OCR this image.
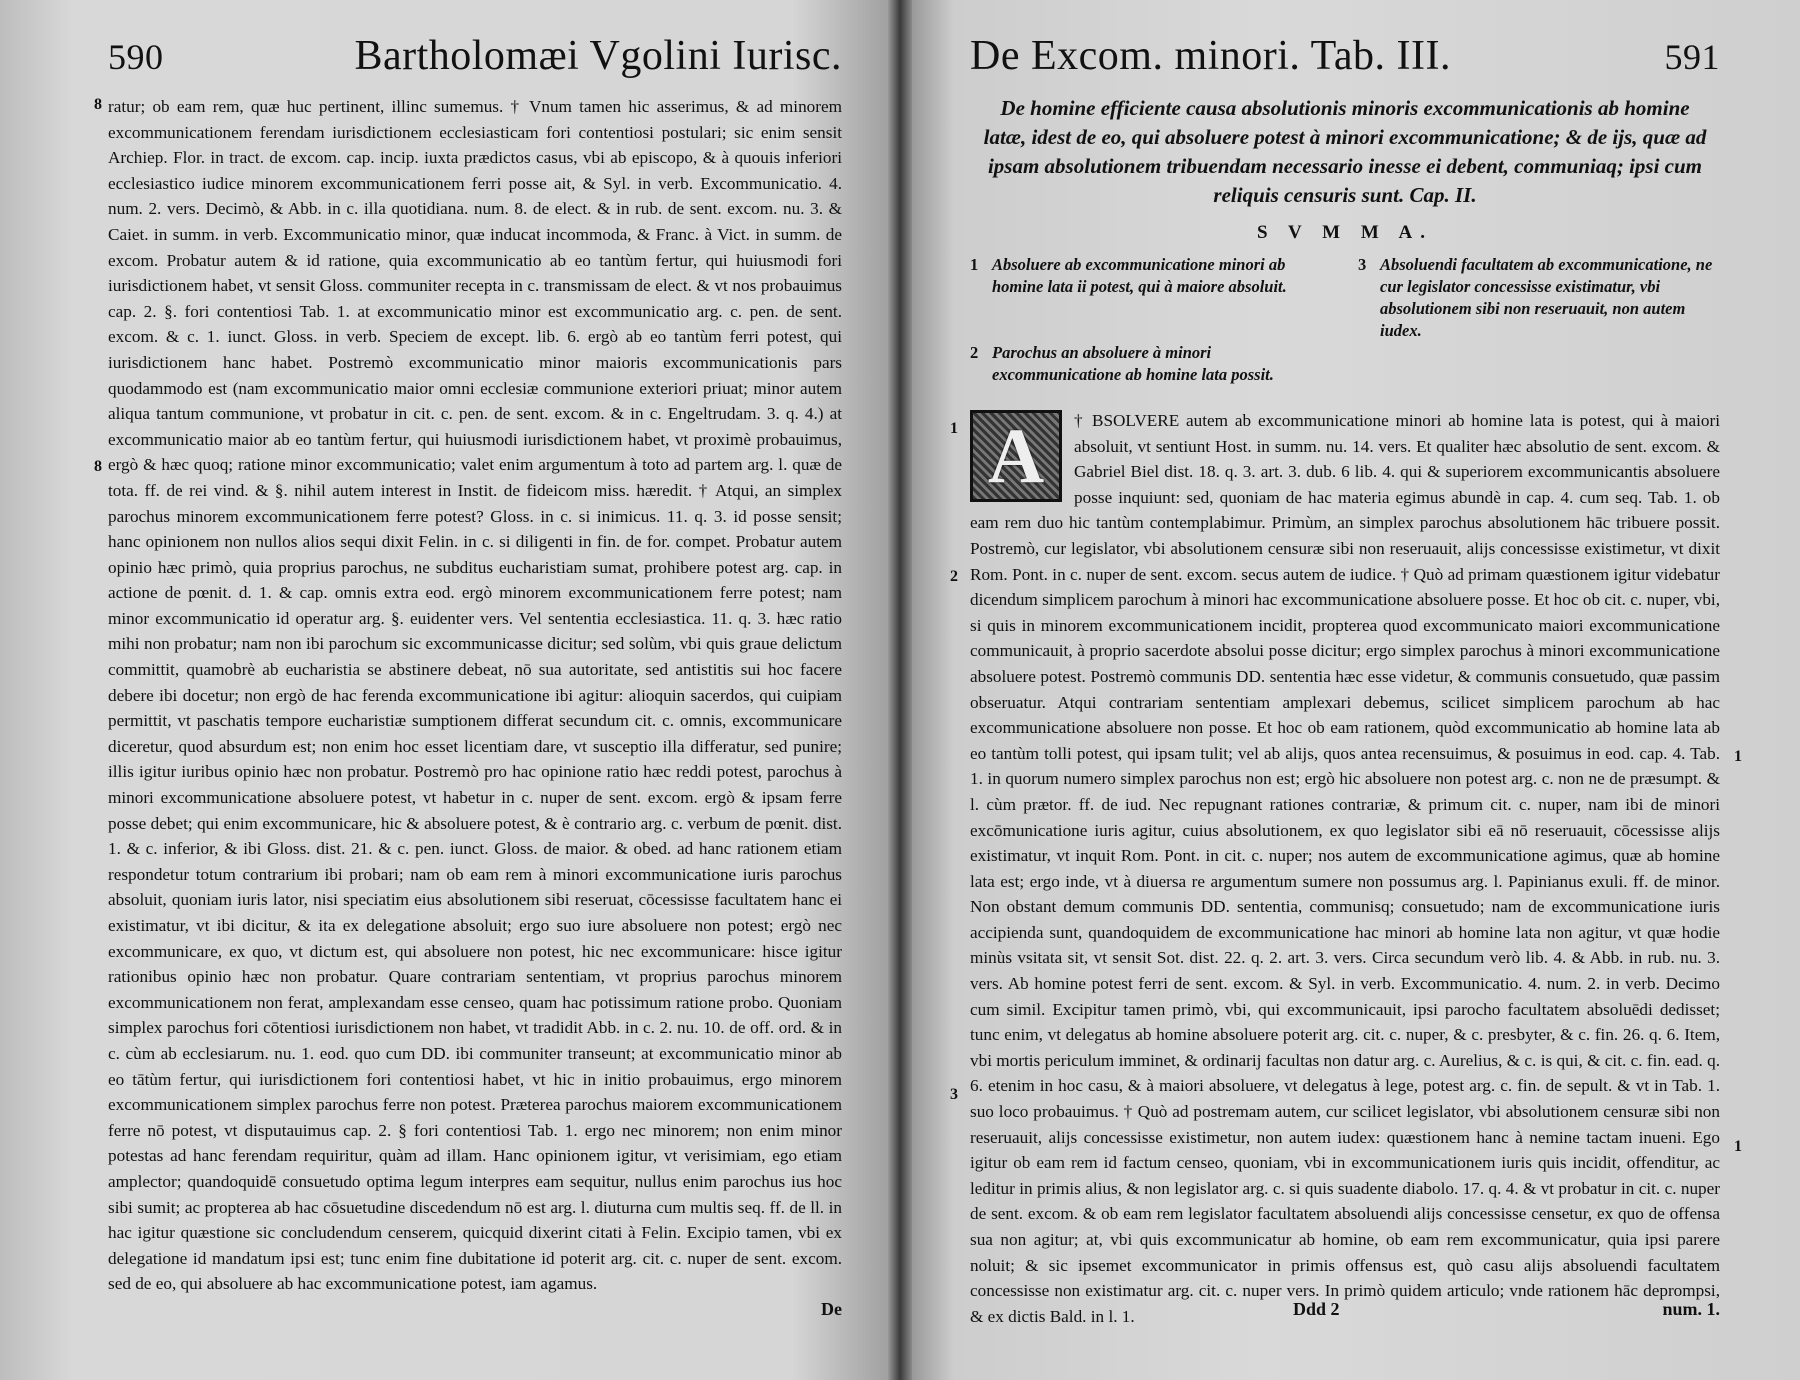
590	Bartholomæi Vgolini Iurisc.
8
8

ratur; ob eam rem, quæ huc pertinent, illinc sumemus. † Vnum tamen hic asserimus, & ad minorem excommunicationem ferendam iurisdictionem ecclesiasticam fori contentiosi postulari; sic enim sensit Archiep. Flor. in tract. de excom. cap. incip. iuxta prædictos casus, vbi ab episcopo, & à quouis inferiori ecclesiastico iudice minorem excommunicationem ferri posse ait, & Syl. in verb. Excommunicatio. 4. num. 2. vers. Decimò, & Abb. in c. illa quotidiana. num. 8. de elect. & in rub. de sent. excom. nu. 3. & Caiet. in summ. in verb. Excommunicatio minor, quæ inducat incommoda, & Franc. à Vict. in summ. de excom. Probatur autem & id ratione, quia excommunicatio ab eo tantùm fertur, qui huiusmodi fori iurisdictionem habet, vt sensit Gloss. communiter recepta in c. transmissam de elect. & vt nos probauimus cap. 2. §. fori contentiosi Tab. 1. at excommunicatio minor est excommunicatio arg. c. pen. de sent. excom. & c. 1. iunct. Gloss. in verb. Speciem de except. lib. 6. ergò ab eo tantùm ferri potest, qui iurisdictionem hanc habet. Postremò excommunicatio minor maioris excommunicationis pars quodammodo est (nam excommunicatio maior omni ecclesiæ communione exteriori priuat; minor autem aliqua tantum communione, vt probatur in cit. c. pen. de sent. excom. & in c. Engeltrudam. 3. q. 4.) at excommunicatio maior ab eo tantùm fertur, qui huiusmodi iurisdictionem habet, vt proximè probauimus, ergò & hæc quoq; ratione minor excommunicatio; valet enim argumentum à toto ad partem arg. l. quæ de tota. ff. de rei vind. & §. nihil autem interest in Instit. de fideicom miss. hæredit. † Atqui, an simplex parochus minorem excommunicationem ferre potest? Gloss. in c. si inimicus. 11. q. 3. id posse sensit; hanc opinionem non nullos alios sequi dixit Felin. in c. si diligenti in fin. de for. compet. Probatur autem opinio hæc primò, quia proprius parochus, ne subditus eucharistiam sumat, prohibere potest arg. cap. in actione de pœnit. d. 1. & cap. omnis extra eod. ergò minorem excommunicationem ferre potest; nam minor excommunicatio id operatur arg. §. euidenter vers. Vel sententia ecclesiastica. 11. q. 3. hæc ratio mihi non probatur; nam non ibi parochum sic excommunicasse dicitur; sed solùm, vbi quis graue delictum committit, quamobrè ab eucharistia se abstinere debeat, nō sua autoritate, sed antistitis sui hoc facere debere ibi docetur; non ergò de hac ferenda excommunicatione ibi agitur: alioquin sacerdos, qui cuipiam permittit, vt paschatis tempore eucharistiæ sumptionem differat secundum cit. c. omnis, excommunicare diceretur, quod absurdum est; non enim hoc esset licentiam dare, vt susceptio illa differatur, sed punire; illis igitur iuribus opinio hæc non probatur. Postremò pro hac opinione ratio hæc reddi potest, parochus à minori excommunicatione absoluere potest, vt habetur in c. nuper de sent. excom. ergò & ipsam ferre posse debet; qui enim excommunicare, hic & absoluere potest, & è contrario arg. c. verbum de pœnit. dist. 1. & c. inferior, & ibi Gloss. dist. 21. & c. pen. iunct. Gloss. de maior. & obed. ad hanc rationem etiam respondetur totum contrarium ibi probari; nam ob eam rem à minori excommunicatione iuris parochus absoluit, quoniam iuris lator, nisi speciatim eius absolutionem sibi reseruat, cōcessisse facultatem hanc ei existimatur, vt ibi dicitur, & ita ex delegatione absoluit; ergo suo iure absoluere non potest; ergò nec excommunicare, ex quo, vt dictum est, qui absoluere non potest, hic nec excommunicare: hisce igitur rationibus opinio hæc non probatur. Quare contrariam sententiam, vt proprius parochus minorem excommunicationem non ferat, amplexandam esse censeo, quam hac potissimum ratione probo. Quoniam simplex parochus fori cōtentiosi iurisdictionem non habet, vt tradidit Abb. in c. 2. nu. 10. de off. ord. & in c. cùm ab ecclesiarum. nu. 1. eod. quo cum DD. ibi communiter transeunt; at excommunicatio minor ab eo tātùm fertur, qui iurisdictionem fori contentiosi habet, vt hic in initio probauimus, ergo minorem excommunicationem simplex parochus ferre non potest. Præterea parochus maiorem excommunicationem ferre nō potest, vt disputauimus cap. 2. § fori contentiosi Tab. 1. ergo nec minorem; non enim minor potestas ad hanc ferendam requiritur, quàm ad illam. Hanc opinionem igitur, vt verisimiam, ego etiam amplector; quandoquidē consuetudo optima legum interpres eam sequitur, nullus enim parochus ius hoc sibi sumit; ac propterea ab hac cōsuetudine discedendum nō est arg. l. diuturna cum multis seq. ff. de ll. in hac igitur quæstione sic concludendum censerem, quicquid dixerint citati à Felin. Excipio tamen, vbi ex delegatione id mandatum ipsi est; tunc enim fine dubitatione id poterit arg. cit. c. nuper de sent. excom. sed de eo, qui absoluere ab hac excommunicatione potest, iam agamus.

De
De Excom. minori. Tab. III.	591
De homine efficiente causa absolutionis minoris excommunicationis ab homine latæ, idest de eo, qui absoluere potest à minori excommunicatione; & de ijs, quæ ad ipsam absolutionem tribuendam necessario inesse ei debent, communiaq; ipsi cum reliquis censuris sunt. Cap. II.
S V M M A.
1 Absoluere ab excommunicatione minori ab homine lata ii potest, qui à maiore absoluit.
3 Absoluendi facultatem ab excommunicatione, ne cur legislator concessisse existimatur, vbi absolutionem sibi non reseruauit, non autem iudex.
2 Parochus an absoluere à minori excommunicatione ab homine lata possit.
1
2
1
3
1
A	† BSOLVERE autem ab excommunicatione minori ab homine lata is potest, qui à maiori absoluit, vt sentiunt Host. in summ. nu. 14. vers. Et qualiter hæc absolutio de sent. excom. & Gabriel Biel dist. 18. q. 3. art. 3. dub. 6 lib. 4. qui & superiorem excommunicantis absoluere posse inquiunt: sed, quoniam de hac materia egimus abundè in cap. 4. cum seq. Tab. 1. ob eam rem duo hic tantùm contemplabimur. Primùm, an simplex parochus absolutionem hāc tribuere possit. Postremò, cur legislator, vbi absolutionem censuræ sibi non reseruauit, alijs concessisse existimetur, vt dixit Rom. Pont. in c. nuper de sent. excom. secus autem de iudice. † Quò ad primam quæstionem igitur videbatur dicendum simplicem parochum à minori hac excommunicatione absoluere posse. Et hoc ob cit. c. nuper, vbi, si quis in minorem excommunicationem incidit, propterea quod excommunicato maiori excommunicatione communicauit, à proprio sacerdote absolui posse dicitur; ergo simplex parochus à minori excommunicatione absoluere potest. Postremò communis DD. sententia hæc esse videtur, & communis consuetudo, quæ passim obseruatur. Atqui contrariam sententiam amplexari debemus, scilicet simplicem parochum ab hac excommunicatione absoluere non posse. Et hoc ob eam rationem, quòd excommunicatio ab homine lata ab eo tantùm tolli potest, qui ipsam tulit; vel ab alijs, quos antea recensuimus, & posuimus in eod. cap. 4. Tab. 1. in quorum numero simplex parochus non est; ergò hic absoluere non potest arg. c. non ne de præsumpt. & l. cùm prætor. ff. de iud. Nec repugnant rationes contrariæ, & primum cit. c. nuper, nam ibi de minori excōmunicatione iuris agitur, cuius absolutionem, ex quo legislator sibi eā nō reseruauit, cōcessisse alijs existimatur, vt inquit Rom. Pont. in cit. c. nuper; nos autem de excommunicatione agimus, quæ ab homine lata est; ergo inde, vt à diuersa re argumentum sumere non possumus arg. l. Papinianus exuli. ff. de minor. Non obstant demum communis DD. sententia, communisq; consuetudo; nam de excommunicatione iuris accipienda sunt, quandoquidem de excommunicatione hac minori ab homine lata non agitur, vt quæ hodie minùs vsitata sit, vt sensit Sot. dist. 22. q. 2. art. 3. vers. Circa secundum verò lib. 4. & Abb. in rub. nu. 3. vers. Ab homine potest ferri de sent. excom. & Syl. in verb. Excommunicatio. 4. num. 2. in verb. Decimo cum simil. Excipitur tamen primò, vbi, qui excommunicauit, ipsi parocho facultatem absoluēdi dedisset; tunc enim, vt delegatus ab homine absoluere poterit arg. cit. c. nuper, & c. presbyter, & c. fin. 26. q. 6. Item, vbi mortis periculum imminet, & ordinarij facultas non datur arg. c. Aurelius, & c. is qui, & cit. c. fin. ead. q. 6. etenim in hoc casu, & à maiori absoluere, vt delegatus à lege, potest arg. c. fin. de sepult. & vt in Tab. 1. suo loco probauimus. † Quò ad postremam autem, cur scilicet legislator, vbi absolutionem censuræ sibi non reseruauit, alijs concessisse existimetur, non autem iudex: quæstionem hanc à nemine tactam inueni. Ego igitur ob eam rem id factum censeo, quoniam, vbi in excommunicationem iuris quis incidit, offenditur, ac leditur in primis alius, & non legislator arg. c. si quis suadente diabolo. 17. q. 4. & vt probatur in cit. c. nuper de sent. excom. & ob eam rem legislator facultatem absoluendi alijs concessisse censetur, ex quo de offensa sua non agitur; at, vbi quis excommunicatur ab homine, ob eam rem excommunicatur, quia ipsi parere noluit; & sic ipsemet excommunicator in primis offensus est, quò casu alijs absoluendi facultatem concessisse non existimatur arg. cit. c. nuper vers. In primò quidem articulo; vnde rationem hāc deprompsi, & ex dictis Bald. in l. 1.	Ddd 2	num. 1.
